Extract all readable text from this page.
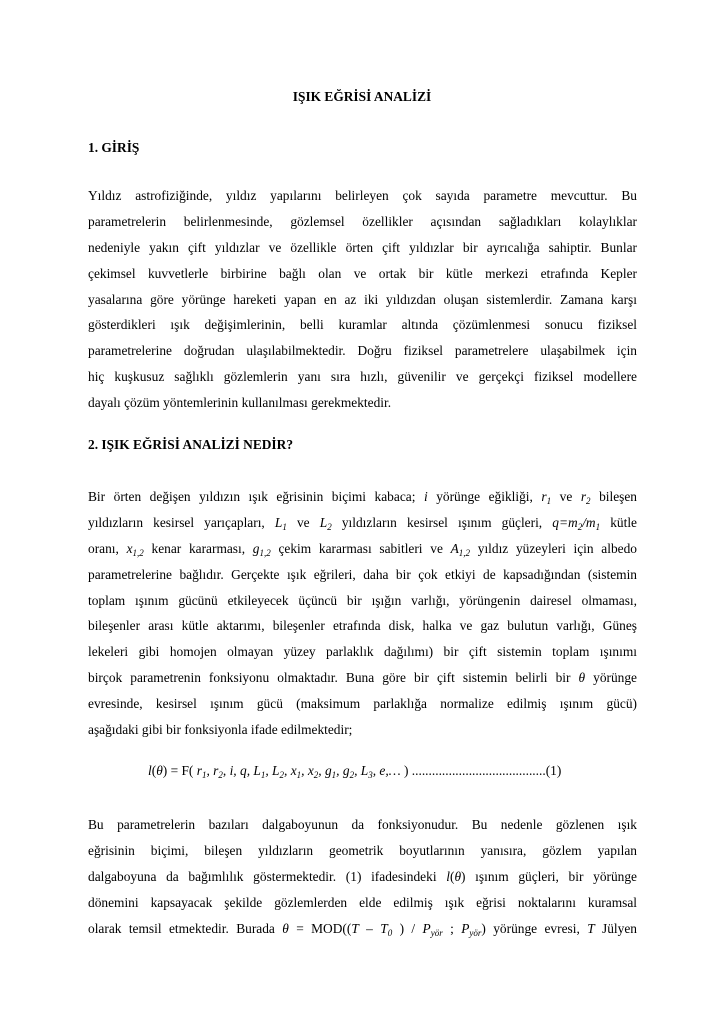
IŞIK EĞRİSİ ANALİZİ
1. GİRİŞ
Yıldız astrofiziğinde, yıldız yapılarını belirleyen çok sayıda parametre mevcuttur. Bu
parametrelerin belirlenmesinde, gözlemsel özellikler açısından sağladıkları kolaylıklar
nedeniyle yakın çift yıldızlar ve özellikle örten çift yıldızlar bir ayrıcalığa sahiptir. Bunlar
çekimsel kuvvetlerle birbirine bağlı olan ve ortak bir kütle merkezi etrafında Kepler
yasalarına göre yörünge hareketi yapan en az iki yıldızdan oluşan sistemlerdir. Zamana karşı
gösterdikleri ışık değişimlerinin, belli kuramlar altında çözümlenmesi sonucu fiziksel
parametrelerine doğrudan ulaşılabilmektedir. Doğru fiziksel parametrelere ulaşabilmek için
hiç kuşkusuz sağlıklı gözlemlerin yanı sıra hızlı, güvenilir ve gerçekçi fiziksel modellere
dayalı çözüm yöntemlerinin kullanılması gerekmektedir.
2. IŞIK EĞRİSİ ANALİZİ NEDİR?
Bir örten değişen yıldızın ışık eğrisinin biçimi kabaca; i yörünge eğikliği, $r_1$ ve $r_2$ bileşen
yıldızların kesirsel yarıçapları, $L_1$ ve $L_2$ yıldızların kesirsel ışınım güçleri, $q=m_2/m_1$ kütle
oranı, $x_{1,2}$ kenar kararması, $g_{1,2}$ çekim kararması sabitleri ve $A_{1,2}$ yıldız yüzeyleri için albedo
parametrelerine bağlıdır. Gerçekte ışık eğrileri, daha bir çok etkiyi de kapsadığından (sistemin
toplam ışınım gücünü etkileyecek üçüncü bir ışığın varlığı, yörüngenin dairesel olmaması,
bileşenler arası kütle aktarımı, bileşenler etrafında disk, halka ve gaz bulutun varlığı, Güneş
lekeleri gibi homojen olmayan yüzey parlaklık dağılımı) bir çift sistemin toplam ışınımı
birçok parametrenin fonksiyonu olmaktadır. Buna göre bir çift sistemin belirli bir θ yörünge
evresinde, kesirsel ışınım gücü (maksimum parlaklığa normalize edilmiş ışınım gücü)
aşağıdaki gibi bir fonksiyonla ifade edilmektedir;
l(θ) = F( $r_1$, $r_2$, i, q, $L_1$, $L_2$, $x_1$, $x_2$, $g_1$, $g_2$, $L_3$, e,… ) ........................................(1)
Bu parametrelerin bazıları dalgaboyunun da fonksiyonudur. Bu nedenle gözlenen ışık
eğrisinin biçimi, bileşen yıldızların geometrik boyutlarının yanısıra, gözlem yapılan
dalgaboyuna da bağımlılık göstermektedir. (1) ifadesindeki l(θ) ışınım güçleri, bir yörünge
dönemini kapsayacak şekilde gözlemlerden elde edilmiş ışık eğrisi noktalarını kuramsal
olarak temsil etmektedir. Burada $\theta = MOD((T - T_0$ ) / $P_{yör}$ ; $P_{yör}$) yörünge evresi, T Jülyen
